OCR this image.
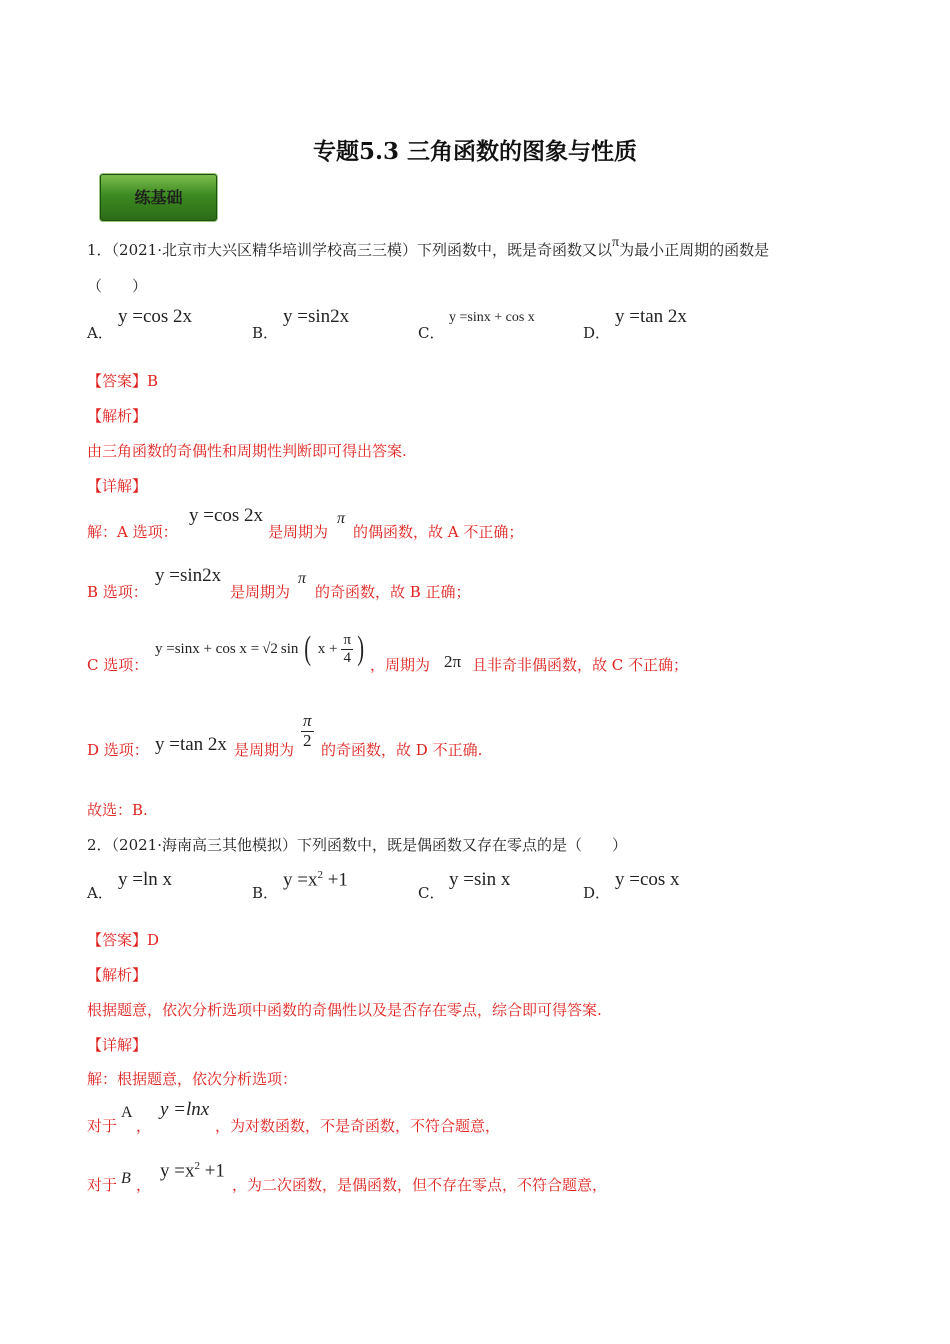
专题5.3 三角函数的图象与性质
练基础
1．（2021·北京市大兴区精华培训学校高三三模）下列函数中，既是奇函数又以$^\pi$为最小正周期的函数是
（　　）
A．
y =cos 2x
B．
y =sin2x
C．
y =sinx + cos x
D．
y =tan 2x
【答案】B
【解析】
由三角函数的奇偶性和周期性判断即可得出答案.
【详解】
解：A 选项：
y =cos 2x
是周期为
π
的偶函数，故 A 不正确；
B 选项：
y =sin2x
是周期为
π
的奇函数，故 B 正确；
C 选项：
y =sinx + cos x = √2 sin ( $x + \frac{\pi}{4}$ ) ，周期为 2π 且非奇非偶函数，故 C 不正确；
D 选项： y =tan 2x 是周期为 $\frac{\pi}{2}$ 的奇函数，故 D 不正确.
故选：B.
2．（2021·海南高三其他模拟）下列函数中，既是偶函数又存在零点的是（　　）
A．
y =ln x
B．
$y =x^2 +1$
C．
y =sin x
D．
y =cos x
【答案】D
【解析】
根据题意，依次分析选项中函数的奇偶性以及是否存在零点，综合即可得答案.
【详解】
解：根据题意，依次分析选项：
对于
A
，
y =lnx
，为对数函数，不是奇函数，不符合题意，
对于 B ，
$y =x^2 +1$
，为二次函数，是偶函数，但不存在零点，不符合题意，
